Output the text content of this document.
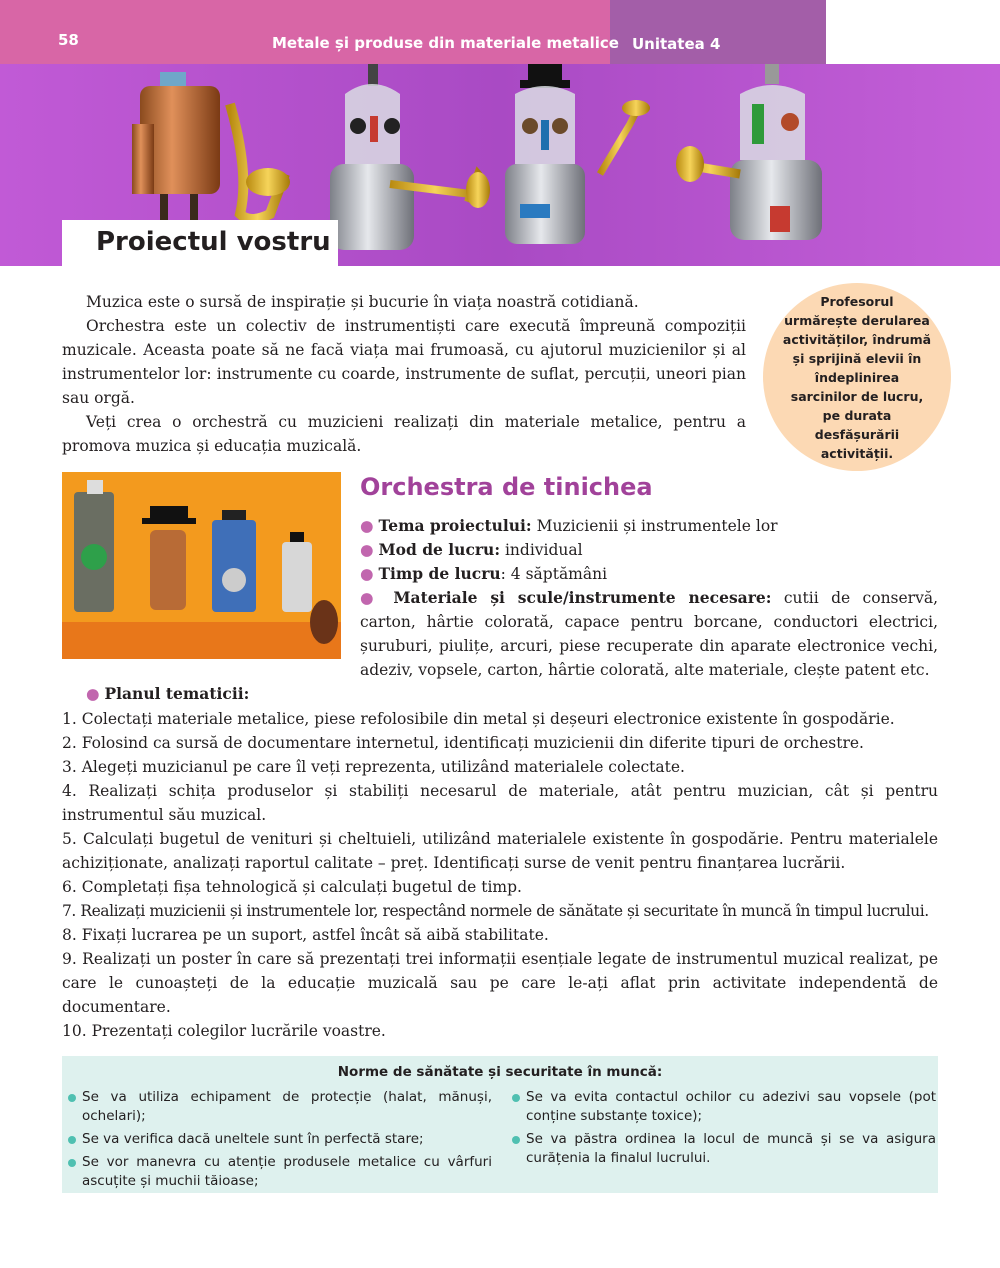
58	Metale și produse din materiale metalice Unitatea 4
Proiectul vostru

Muzica este o sursă de inspirație și bucurie în viața noastră cotidiană.

Orchestra este un colectiv de instrumentiști care execută împreună compoziții muzicale. Aceasta poate să ne facă viața mai frumoasă, cu ajutorul muzicienilor și al instrumentelor lor: instrumente cu coarde, instrumente de suflat, percuții, uneori pian sau orgă.

Veți crea o orchestră cu muzicieni realizați din materiale metalice, pentru a promova muzica și educația muzicală.

Profesorul urmărește derularea activităților, îndrumă și sprijină elevii în îndeplinirea sarcinilor de lucru, pe durata desfășurării activității.
Orchestra de tinichea
● Tema proiectului: Muzicienii și instrumentele lor
● Mod de lucru: individual
● Timp de lucru: 4 săptămâni
● Materiale și scule/instrumente necesare: cutii de conservă, carton, hârtie colorată, capace pentru borcane, conductori electrici, șuruburi, piulițe, arcuri, piese recuperate din aparate electronice vechi, adeziv, vopsele, carton, hârtie colorată, alte materiale, clește patent etc.
● Planul tematicii:
1. Colectați materiale metalice, piese refolosibile din metal și deșeuri electronice existente în gospodărie.
2. Folosind ca sursă de documentare internetul, identificați muzicienii din diferite tipuri de orchestre.
3. Alegeți muzicianul pe care îl veți reprezenta, utilizând materialele colectate.
4. Realizați schița produselor și stabiliți necesarul de materiale, atât pentru muzician, cât și pentru instrumentul său muzical.
5. Calculați bugetul de venituri și cheltuieli, utilizând materialele existente în gospodărie. Pentru materialele achiziționate, analizați raportul calitate – preț. Identificați surse de venit pentru finanțarea lucrării.
6. Completați fișa tehnologică și calculați bugetul de timp.
7. Realizați muzicienii și instrumentele lor, respectând normele de sănătate și securitate în muncă în timpul lucrului.
8. Fixați lucrarea pe un suport, astfel încât să aibă stabilitate.
9. Realizați un poster în care să prezentați trei informații esențiale legate de instrumentul muzical realizat, pe care le cunoașteți de la educație muzicală sau pe care le-ați aflat prin activitate independentă de documentare.
10. Prezentați colegilor lucrările voastre.
Norme de sănătate și securitate în muncă:
Se va utiliza echipament de protecție (halat, mănuși, ochelari);
Se va verifica dacă uneltele sunt în perfectă stare;
Se vor manevra cu atenție produsele metalice cu vârfuri ascuțite și muchii tăioase;
Se va evita contactul ochilor cu adezivi sau vopsele (pot conține substanțe toxice);
Se va păstra ordinea la locul de muncă și se va asigura curățenia la finalul lucrului.
